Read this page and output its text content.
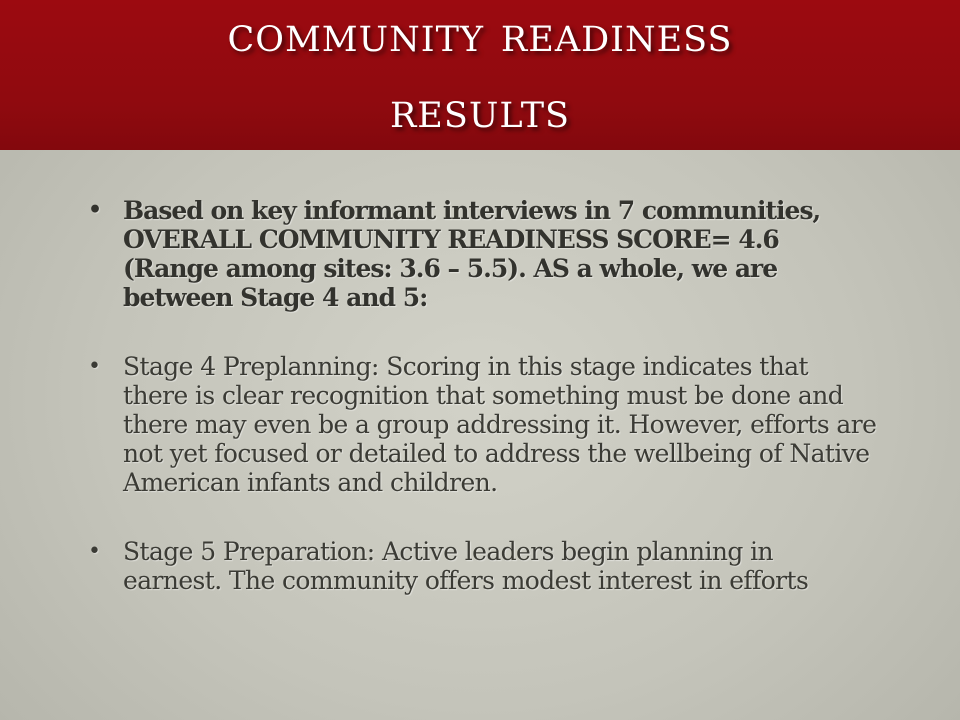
community readiness
results
• Based on key informant interviews in 7 communities, OVERALL COMMUNITY READINESS SCORE= 4.6 (Range among sites: 3.6 – 5.5). AS a whole, we are between Stage 4 and 5:
• Stage 4 Preplanning: Scoring in this stage indicates that there is clear recognition that something must be done and there may even be a group addressing it. However, efforts are not yet focused or detailed to address the wellbeing of Native American infants and children.
• Stage 5 Preparation: Active leaders begin planning in earnest. The community offers modest interest in efforts
